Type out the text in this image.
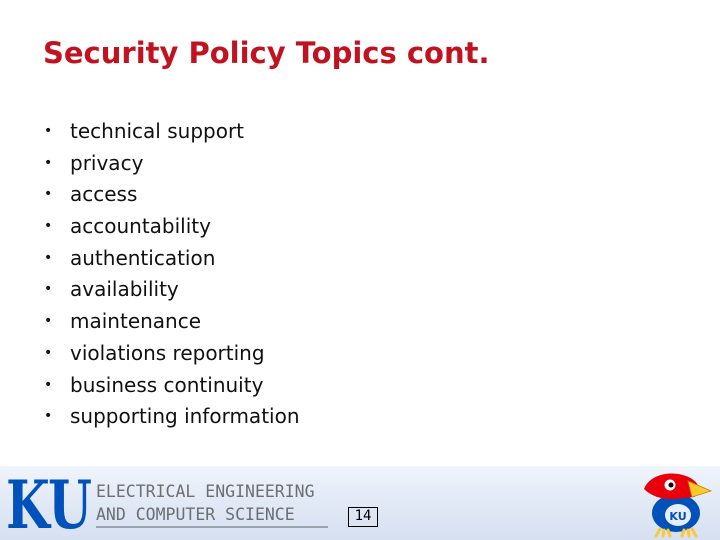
Security Policy Topics cont.
• technical support
• privacy
• access
• accountability
• authentication
• availability
• maintenance
• violations reporting
• business continuity
• supporting information
KU ELECTRICAL ENGINEERING
AND COMPUTER SCIENCE	14	KU
